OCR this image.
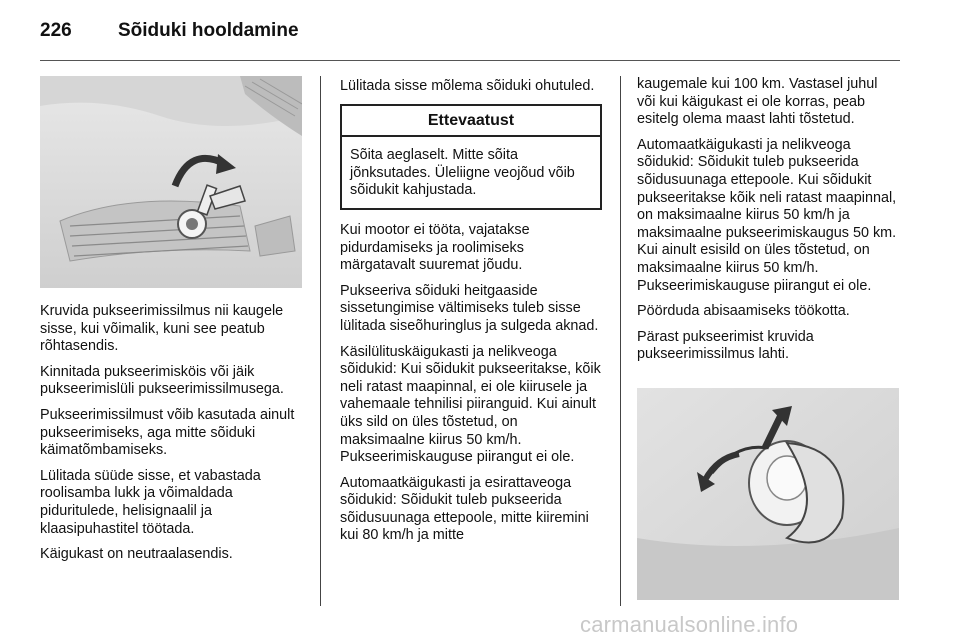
226 Sõiduki hooldamine

Kruvida pukseerimissilmus nii kaugele sisse, kui võimalik, kuni see peatub rõhtasendis.

Kinnitada pukseerimisköis või jäik pukseerimislüli pukseerimissilmusega.

Pukseerimissilmust võib kasutada ainult pukseerimiseks, aga mitte sõiduki käimatõmbamiseks.

Lülitada süüde sisse, et vabastada roolisamba lukk ja võimaldada piduritulede, helisignaalil ja klaasipuhastitel töötada.

Käigukast on neutraalasendis.

Lülitada sisse mõlema sõiduki ohutuled.

Ettevaatust
Sõita aeglaselt. Mitte sõita jõnksutades. Üleliigne veojõud võib sõidukit kahjustada.

Kui mootor ei tööta, vajatakse pidurdamiseks ja roolimiseks märgatavalt suuremat jõudu.

Pukseeriva sõiduki heitgaaside sissetungimise vältimiseks tuleb sisse lülitada siseõhuringlus ja sulgeda aknad.

Käsilülituskäigukasti ja nelikveoga sõidukid: Kui sõidukit pukseeritakse, kõik neli ratast maapinnal, ei ole kiirusele ja vahemaale tehnilisi piiranguid. Kui ainult üks sild on üles tõstetud, on maksimaalne kiirus 50 km/h. Pukseerimiskauguse piirangut ei ole.

Automaatkäigukasti ja esirattaveoga sõidukid: Sõidukit tuleb pukseerida sõidusuunaga ettepoole, mitte kiiremini kui 80 km/h ja mitte

kaugemale kui 100 km. Vastasel juhul või kui käigukast ei ole korras, peab esitelg olema maast lahti tõstetud.

Automaatkäigukasti ja nelikveoga sõidukid: Sõidukit tuleb pukseerida sõidusuunaga ettepoole. Kui sõidukit pukseeritakse kõik neli ratast maapinnal, on maksimaalne kiirus 50 km/h ja maksimaalne pukseerimiskaugus 50 km. Kui ainult esisild on üles tõstetud, on maksimaalne kiirus 50 km/h. Pukseerimiskauguse piirangut ei ole.

Pöörduda abisaamiseks töökotta.

Pärast pukseerimist kruvida pukseerimissilmus lahti.

carmanualsonline.info
